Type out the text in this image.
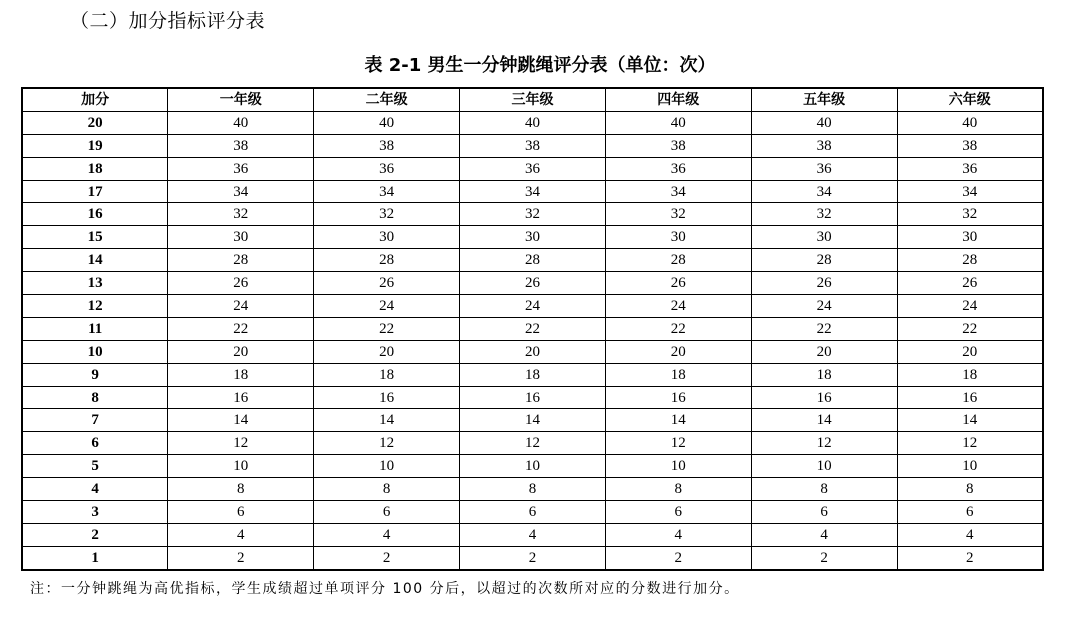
（二）加分指标评分表
表 2-1 男生一分钟跳绳评分表（单位：次）
加分	一年级	二年级	三年级	四年级	五年级	六年级
20	40	40	40	40	40	40
19	38	38	38	38	38	38
18	36	36	36	36	36	36
17	34	34	34	34	34	34
16	32	32	32	32	32	32
15	30	30	30	30	30	30
14	28	28	28	28	28	28
13	26	26	26	26	26	26
12	24	24	24	24	24	24
11	22	22	22	22	22	22
10	20	20	20	20	20	20
9	18	18	18	18	18	18
8	16	16	16	16	16	16
7	14	14	14	14	14	14
6	12	12	12	12	12	12
5	10	10	10	10	10	10
4	8	8	8	8	8	8
3	6	6	6	6	6	6
2	4	4	4	4	4	4
1	2	2	2	2	2	2
注：一分钟跳绳为高优指标，学生成绩超过单项评分 100 分后，以超过的次数所对应的分数进行加分。
